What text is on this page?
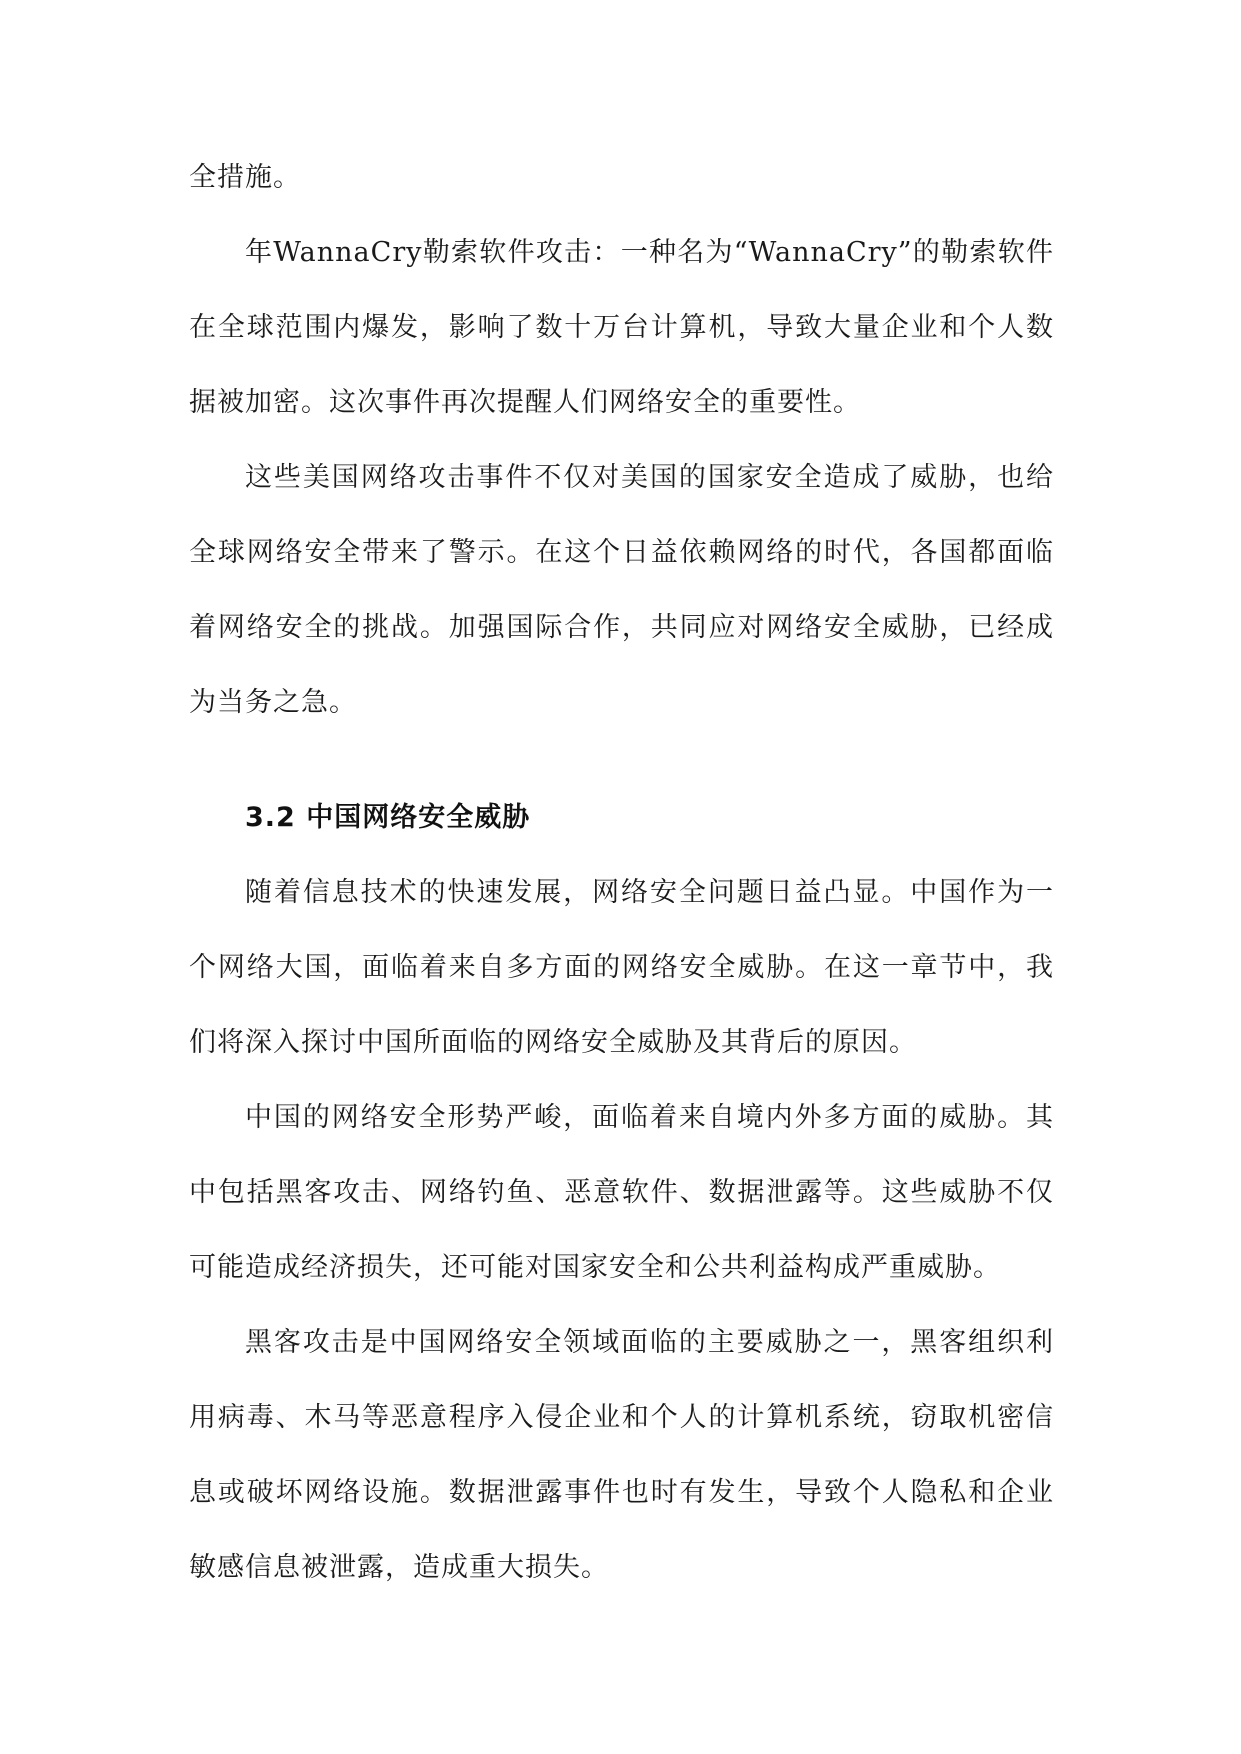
全措施。

年WannaCry勒索软件攻击：一种名为“WannaCry”的勒索软件在全球范围内爆发，影响了数十万台计算机，导致大量企业和个人数据被加密。这次事件再次提醒人们网络安全的重要性。

这些美国网络攻击事件不仅对美国的国家安全造成了威胁，也给全球网络安全带来了警示。在这个日益依赖网络的时代，各国都面临着网络安全的挑战。加强国际合作，共同应对网络安全威胁，已经成为当务之急。

3.2 中国网络安全威胁

随着信息技术的快速发展，网络安全问题日益凸显。中国作为一个网络大国，面临着来自多方面的网络安全威胁。在这一章节中，我们将深入探讨中国所面临的网络安全威胁及其背后的原因。

中国的网络安全形势严峻，面临着来自境内外多方面的威胁。其中包括黑客攻击、网络钓鱼、恶意软件、数据泄露等。这些威胁不仅可能造成经济损失，还可能对国家安全和公共利益构成严重威胁。

黑客攻击是中国网络安全领域面临的主要威胁之一，黑客组织利用病毒、木马等恶意程序入侵企业和个人的计算机系统，窃取机密信息或破坏网络设施。数据泄露事件也时有发生，导致个人隐私和企业敏感信息被泄露，造成重大损失。
